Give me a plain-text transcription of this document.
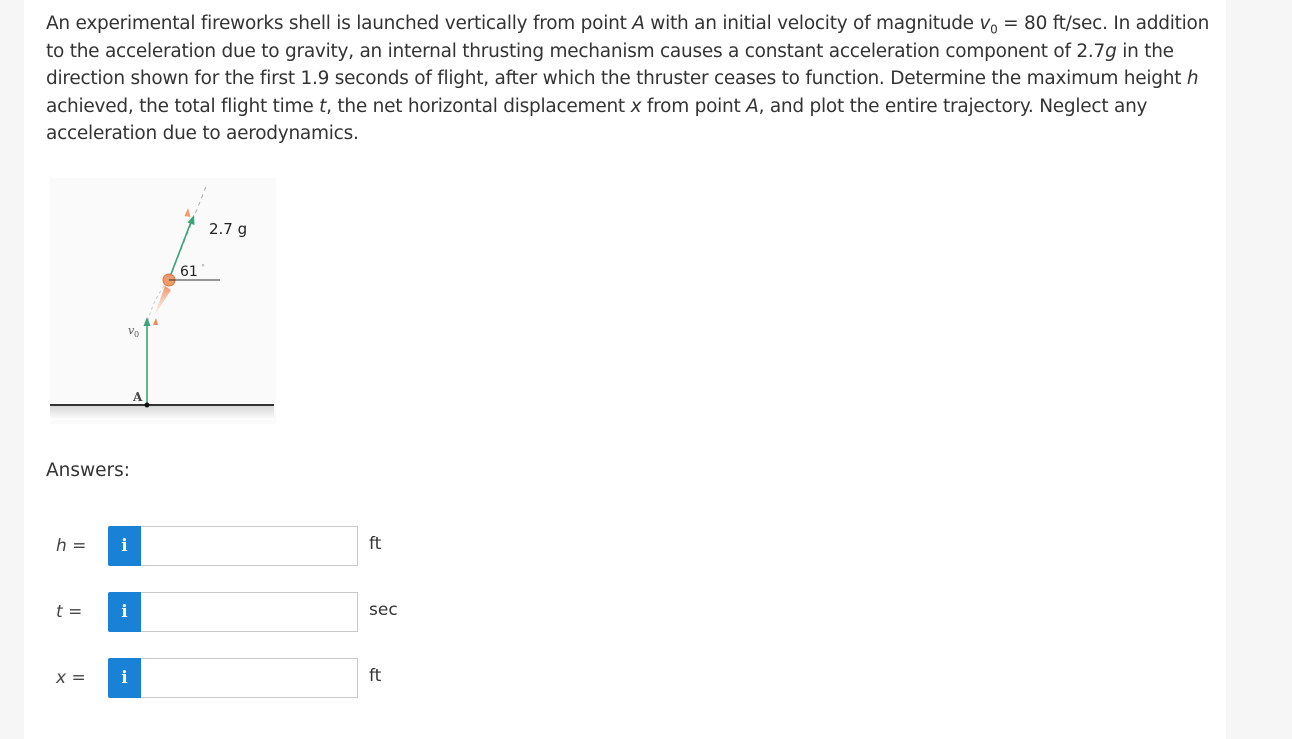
An experimental fireworks shell is launched vertically from point A with an initial velocity of magnitude $v_0 = 80$ ft/sec. In addition to the acceleration due to gravity, an internal thrusting mechanism causes a constant acceleration component of 2.7g in the direction shown for the first 1.9 seconds of flight, after which the thruster ceases to function. Determine the maximum height h achieved, the total flight time t, the net horizontal displacement x from point A, and plot the entire trajectory. Neglect any acceleration due to aerodynamics.
2.7 g
61 °
v 0
A
Answers:
h =	i	ft
t =	i	sec
x =	i	ft
